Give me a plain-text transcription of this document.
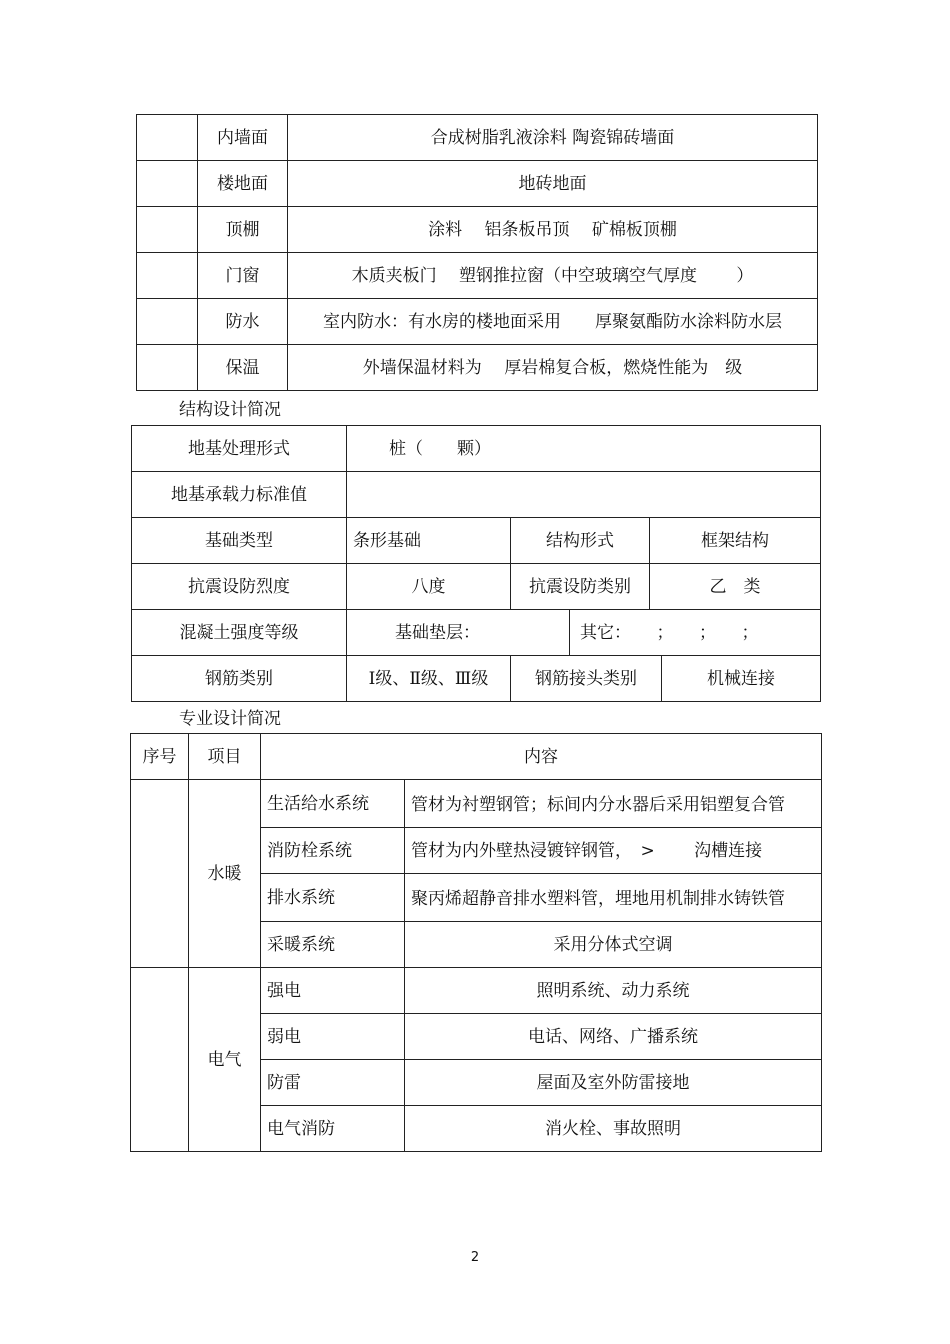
	内墙面	合成树脂乳液涂料 陶瓷锦砖墙面
	楼地面	地砖地面
	顶棚	涂料　 铝条板吊顶　 矿棉板顶棚
	门窗	木质夹板门　 塑钢推拉窗（中空玻璃空气厚度　　 ）
	防水	室内防水：有水房的楼地面采用　　厚聚氨酯防水涂料防水层
	保温	外墙保温材料为　 厚岩棉复合板，燃烧性能为　级
结构设计简况
地基处理形式	桩（　　颗）				
地基承载力标准值					
基础类型	条形基础	结构形式		框架结构	
抗震设防烈度	八度	抗震设防类别		乙　类	
混凝土强度等级	基础垫层：		其它：　　；　　；　　；		
钢筋类别	Ⅰ级、Ⅱ级、Ⅲ级	钢筋接头类别			机械连接
专业设计简况
序号	项目	内容	
	水暖	生活给水系统	管材为衬塑钢管；标间内分水器后采用铝塑复合管
		消防栓系统	管材为内外壁热浸镀锌钢管，　>　　 沟槽连接
		排水系统	聚丙烯超静音排水塑料管，埋地用机制排水铸铁管
		采暖系统	采用分体式空调
	电气	强电	照明系统、动力系统
		弱电	电话、网络、广播系统
		防雷	屋面及室外防雷接地
		电气消防	消火栓、事故照明
2
